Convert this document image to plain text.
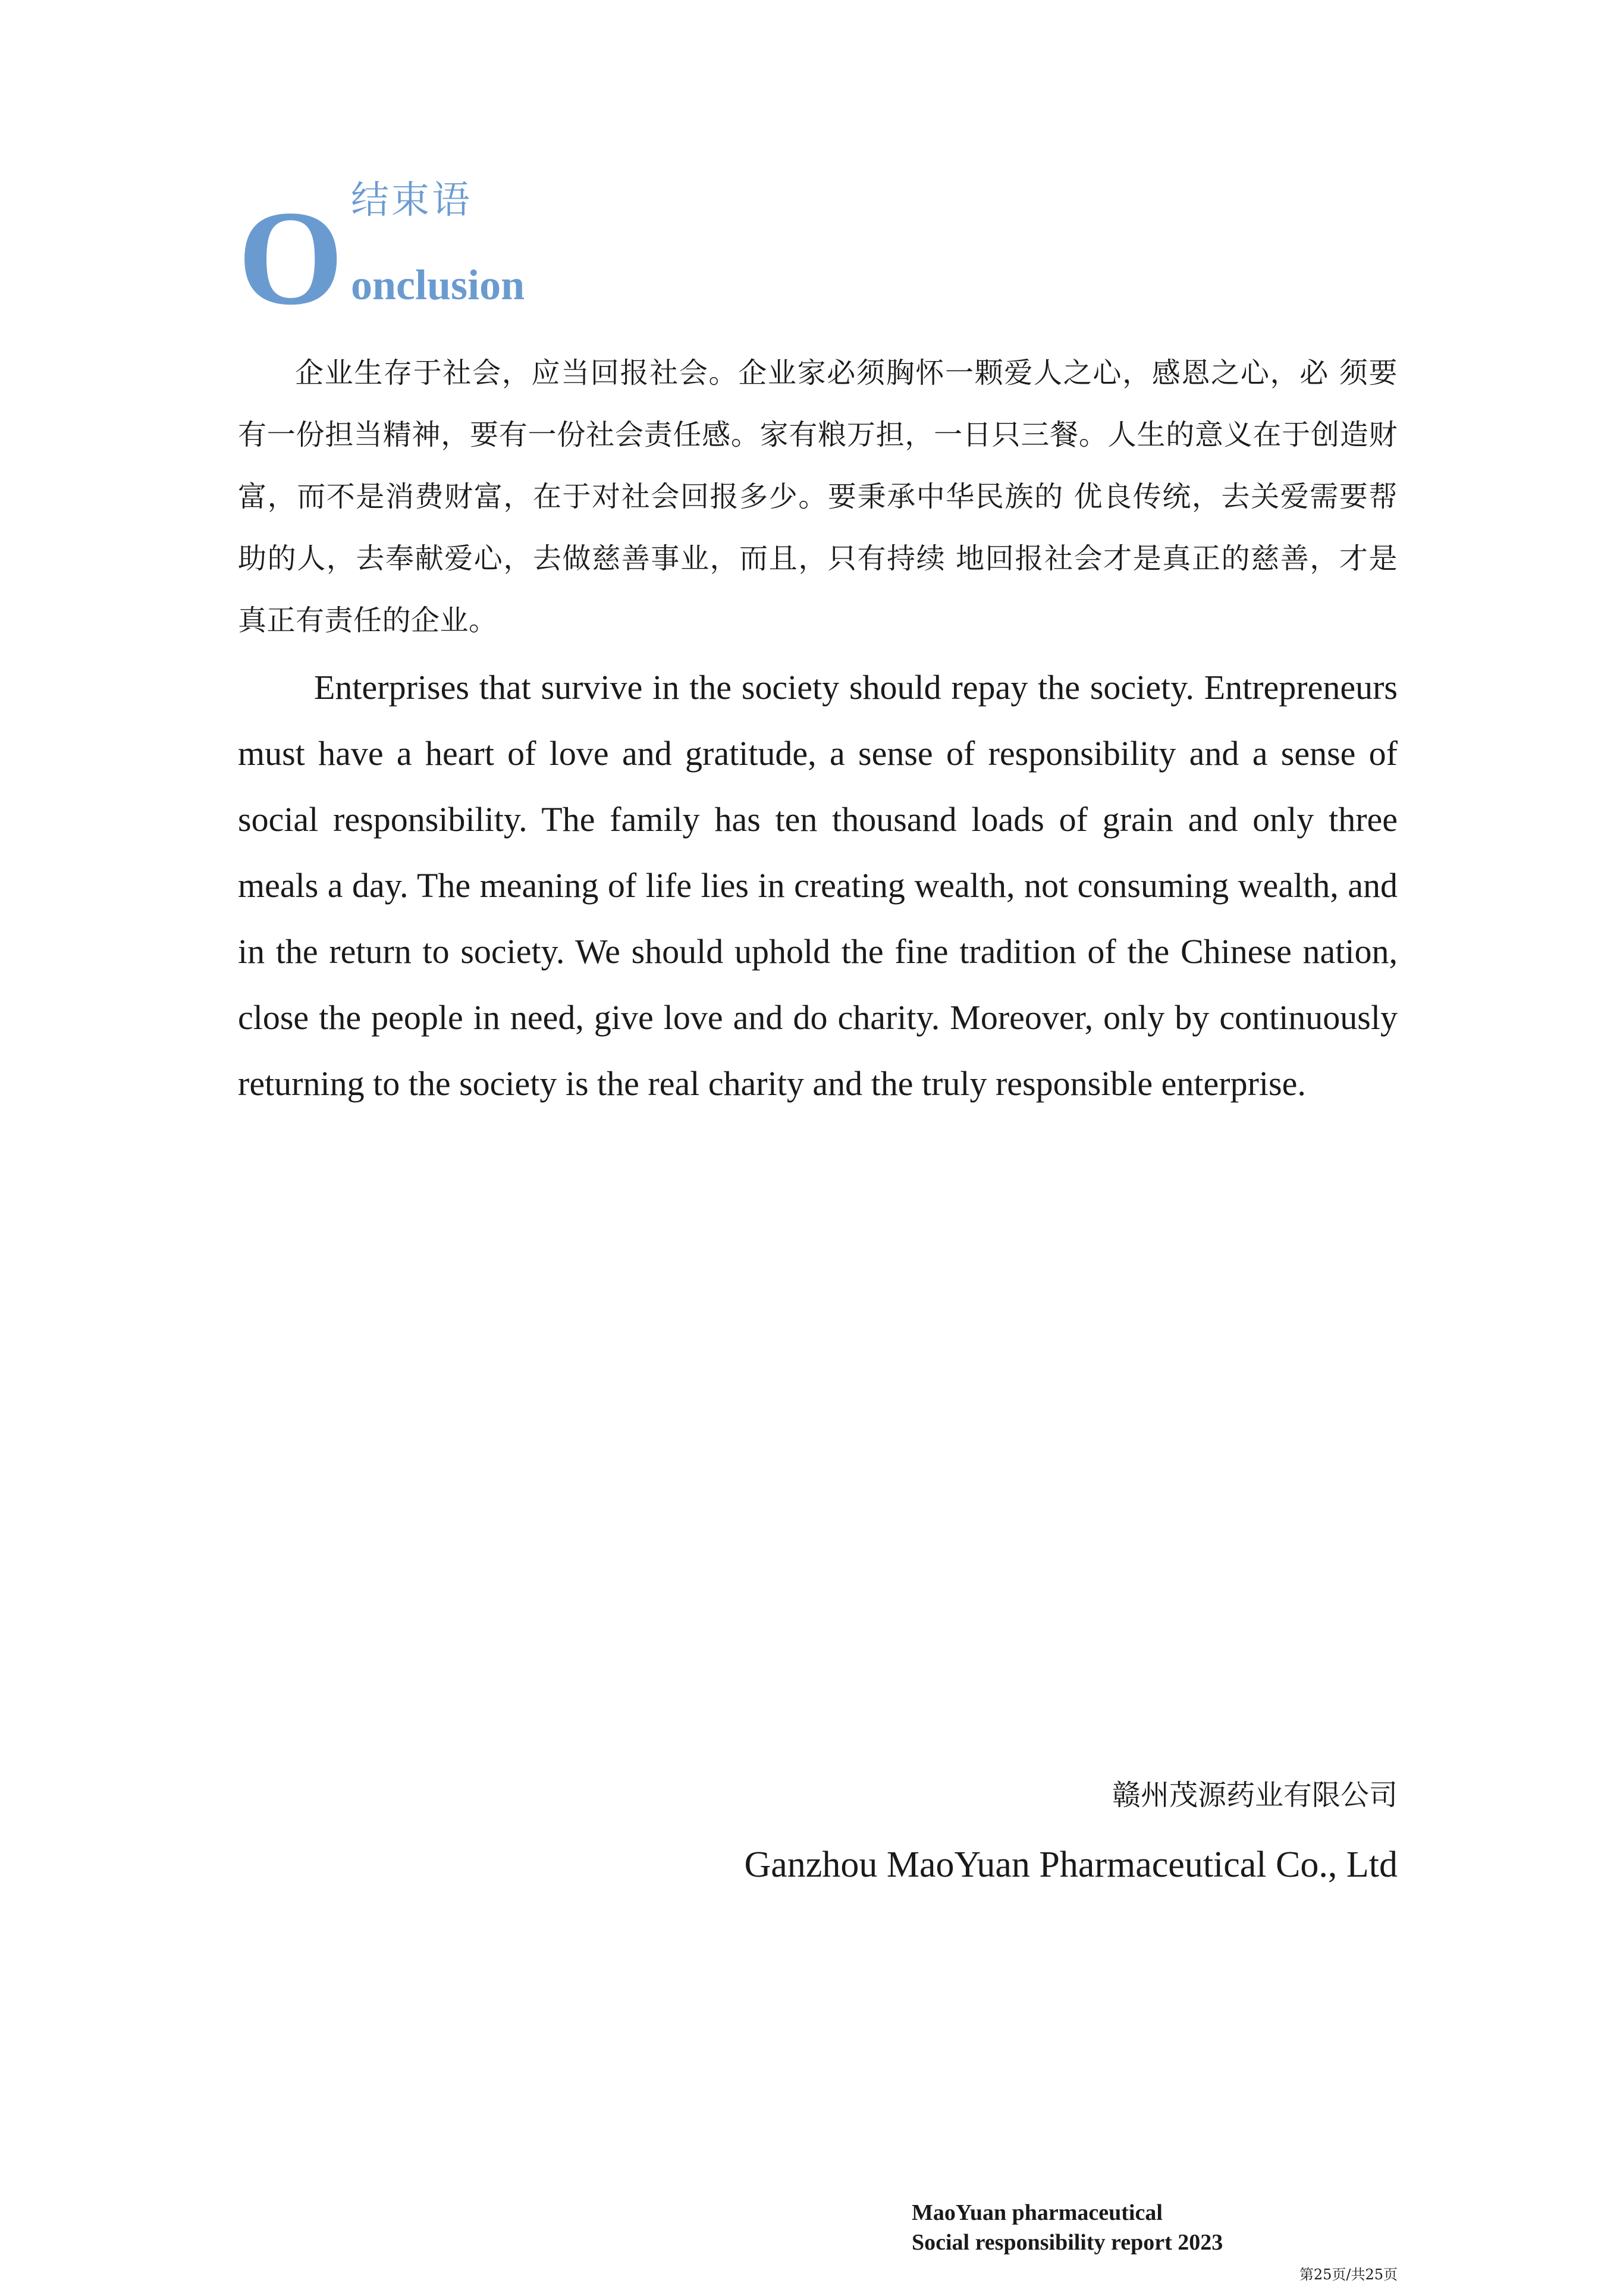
O 结束语
onclusion

企业生存于社会，应当回报社会。企业家必须胸怀一颗爱人之心，感恩之心，必 须要有一份担当精神，要有一份社会责任感。家有粮万担，一日只三餐。人生的意义在于创造财富，而不是消费财富，在于对社会回报多少。要秉承中华民族的 优良传统，去关爱需要帮助的人，去奉献爱心，去做慈善事业，而且，只有持续 地回报社会才是真正的慈善，才是真正有责任的企业。

Enterprises that survive in the society should repay the society. Entrepreneurs must have a heart of love and gratitude, a sense of responsibility and a sense of social responsibility. The family has ten thousand loads of grain and only three meals a day. The meaning of life lies in creating wealth, not consuming wealth, and in the return to society. We should uphold the fine tradition of the Chinese nation, close the people in need, give love and do charity. Moreover, only by continuously returning to the society is the real charity and the truly responsible enterprise.

赣州茂源药业有限公司
Ganzhou MaoYuan Pharmaceutical Co., Ltd
MaoYuan pharmaceutical
Social responsibility report 2023
第25页/共25页
